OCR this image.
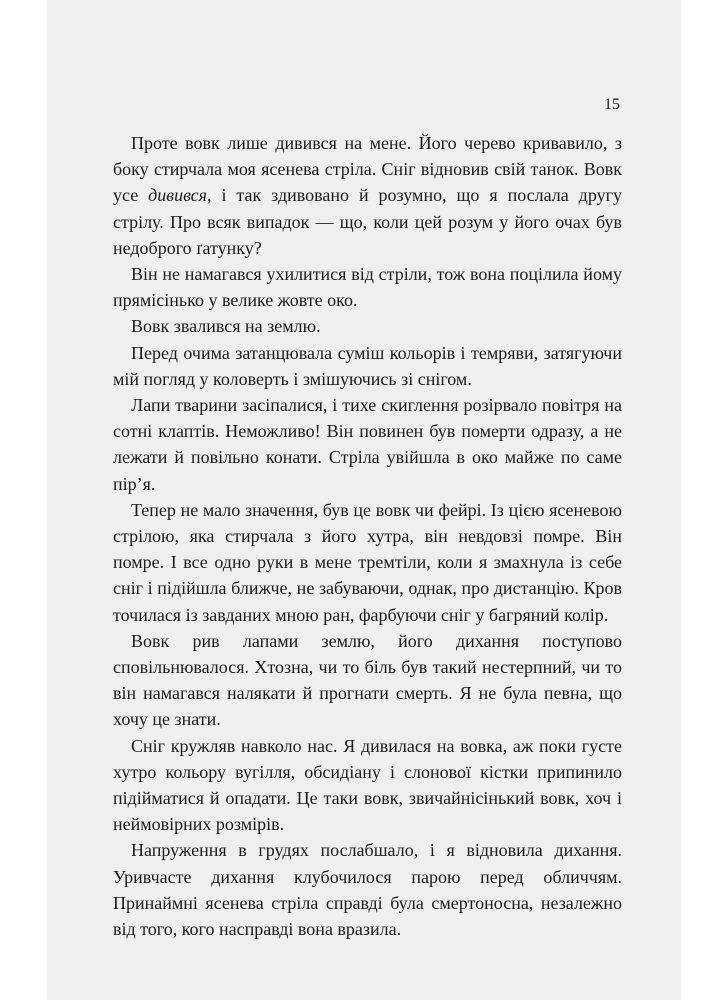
15

Проте вовк лише дивився на мене. Його черево кривавило, з боку стирчала моя ясенева стріла. Сніг відновив свій танок. Вовк усе дивився, і так здивовано й розумно, що я послала другу стрілу. Про всяк випадок — що, коли цей розум у його очах був недоброго ґатунку?

Він не намагався ухилитися від стріли, тож вона поцілила йому прямісінько у велике жовте око.

Вовк звалився на землю.

Перед очима затанцювала суміш кольорів і темряви, затягуючи мій погляд у коловерть і змішуючись зі снігом.

Лапи тварини засіпалися, і тихе скиглення розірвало повітря на сотні клаптів. Неможливо! Він повинен був померти одразу, а не лежати й повільно конати. Стріла увійшла в око майже по саме пір’я.

Тепер не мало значення, був це вовк чи фейрі. Із цією ясеневою стрілою, яка стирчала з його хутра, він невдовзі помре. Він помре. І все одно руки в мене тремтіли, коли я змахнула із себе сніг і підійшла ближче, не забуваючи, однак, про дистанцію. Кров точилася із завданих мною ран, фарбуючи сніг у багряний колір.

Вовк рив лапами землю, його дихання поступово сповільнювалося. Хтозна, чи то біль був такий нестерпний, чи то він намагався налякати й прогнати смерть. Я не була певна, що хочу це знати.

Сніг кружляв навколо нас. Я дивилася на вовка, аж поки густе хутро кольору вугілля, обсидіану і слонової кістки припинило підійматися й опадати. Це таки вовк, звичайнісінький вовк, хоч і неймовірних розмірів.

Напруження в грудях послабшало, і я відновила дихання. Уривчасте дихання клубочилося парою перед обличчям. Принаймні ясенева стріла справді була смертоносна, незалежно від того, кого насправді вона вразила.
